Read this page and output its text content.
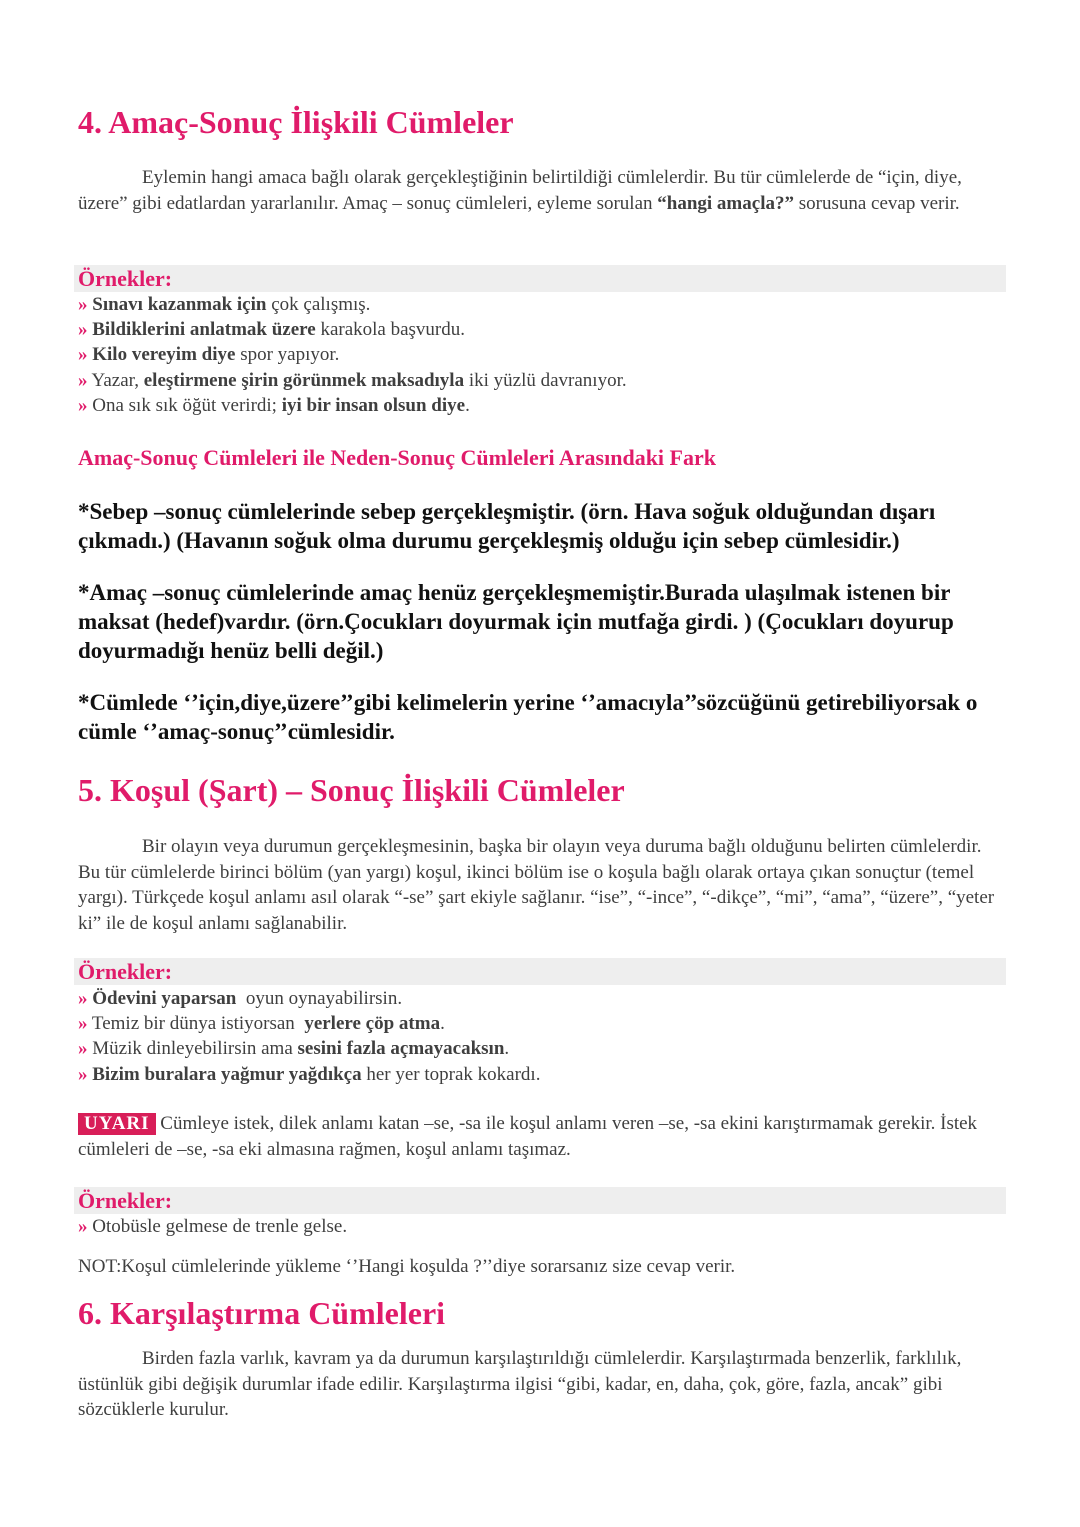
4. Amaç-Sonuç İlişkili Cümleler

Eylemin hangi amaca bağlı olarak gerçekleştiğinin belirtildiği cümlelerdir. Bu tür cümlelerde de “için, diye, üzere” gibi edatlardan yararlanılır. Amaç – sonuç cümleleri, eyleme sorulan “hangi amaçla?” sorusuna cevap verir.

Örnekler:
» Sınavı kazanmak için çok çalışmış.
» Bildiklerini anlatmak üzere karakola başvurdu.
» Kilo vereyim diye spor yapıyor.
» Yazar, eleştirmene şirin görünmek maksadıyla iki yüzlü davranıyor.
» Ona sık sık öğüt verirdi; iyi bir insan olsun diye.
Amaç-Sonuç Cümleleri ile Neden-Sonuç Cümleleri Arasındaki Fark

*Sebep –sonuç cümlelerinde sebep gerçekleşmiştir. (örn. Hava soğuk olduğundan dışarı çıkmadı.) (Havanın soğuk olma durumu gerçekleşmiş olduğu için sebep cümlesidir.)

*Amaç –sonuç cümlelerinde amaç henüz gerçekleşmemiştir.Burada ulaşılmak istenen bir maksat (hedef)vardır. (örn.Çocukları doyurmak için mutfağa girdi. ) (Çocukları doyurup doyurmadığı henüz belli değil.)

*Cümlede ‘’için,diye,üzere’’gibi kelimelerin yerine ‘’amacıyla’’sözcüğünü getirebiliyorsak o cümle ‘’amaç-sonuç’’cümlesidir.

5. Koşul (Şart) – Sonuç İlişkili Cümleler

Bir olayın veya durumun gerçekleşmesinin, başka bir olayın veya duruma bağlı olduğunu belirten cümlelerdir. Bu tür cümlelerde birinci bölüm (yan yargı) koşul, ikinci bölüm ise o koşula bağlı olarak ortaya çıkan sonuçtur (temel yargı). Türkçede koşul anlamı asıl olarak “-se” şart ekiyle sağlanır. “ise”, “-ince”, “-dikçe”, “mi”, “ama”, “üzere”, “yeter ki” ile de koşul anlamı sağlanabilir.

Örnekler:
» Ödevini yaparsan  oyun oynayabilirsin.
» Temiz bir dünya istiyorsan  yerlere çöp atma.
» Müzik dinleyebilirsin ama sesini fazla açmayacaksın.
» Bizim buralara yağmur yağdıkça her yer toprak kokardı.

UYARI Cümleye istek, dilek anlamı katan –se, -sa ile koşul anlamı veren –se, -sa ekini karıştırmamak gerekir. İstek cümleleri de –se, -sa eki almasına rağmen, koşul anlamı taşımaz.

Örnekler:
» Otobüsle gelmese de trenle gelse.
NOT:Koşul cümlelerinde yükleme ‘’Hangi koşulda ?’’diye sorarsanız size cevap verir.
6. Karşılaştırma Cümleleri

Birden fazla varlık, kavram ya da durumun karşılaştırıldığı cümlelerdir. Karşılaştırmada benzerlik, farklılık, üstünlük gibi değişik durumlar ifade edilir. Karşılaştırma ilgisi “gibi, kadar, en, daha, çok, göre, fazla, ancak” gibi sözcüklerle kurulur.
